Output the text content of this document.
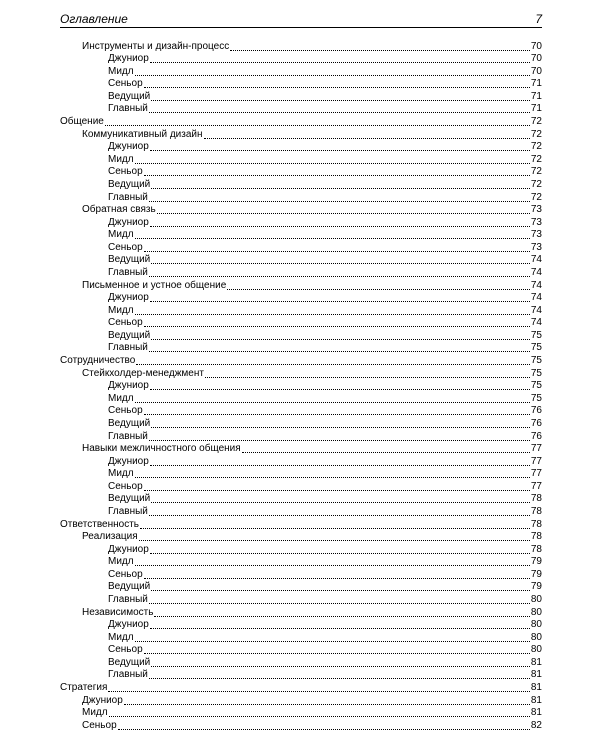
Оглавление	7
Инструменты и дизайн-процесс	70
Джуниор	70
Мидл	70
Сеньор	71
Ведущий	71
Главный	71
Общение	72
Коммуникативный дизайн	72
Джуниор	72
Мидл	72
Сеньор	72
Ведущий	72
Главный	72
Обратная связь	73
Джуниор	73
Мидл	73
Сеньор	73
Ведущий	74
Главный	74
Письменное и устное общение	74
Джуниор	74
Мидл	74
Сеньор	74
Ведущий	75
Главный	75
Сотрудничество	75
Стейкхолдер-менеджмент	75
Джуниор	75
Мидл	75
Сеньор	76
Ведущий	76
Главный	76
Навыки межличностного общения	77
Джуниор	77
Мидл	77
Сеньор	77
Ведущий	78
Главный	78
Ответственность	78
Реализация	78
Джуниор	78
Мидл	79
Сеньор	79
Ведущий	79
Главный	80
Независимость	80
Джуниор	80
Мидл	80
Сеньор	80
Ведущий	81
Главный	81
Стратегия	81
Джуниор	81
Мидл	81
Сеньор	82
